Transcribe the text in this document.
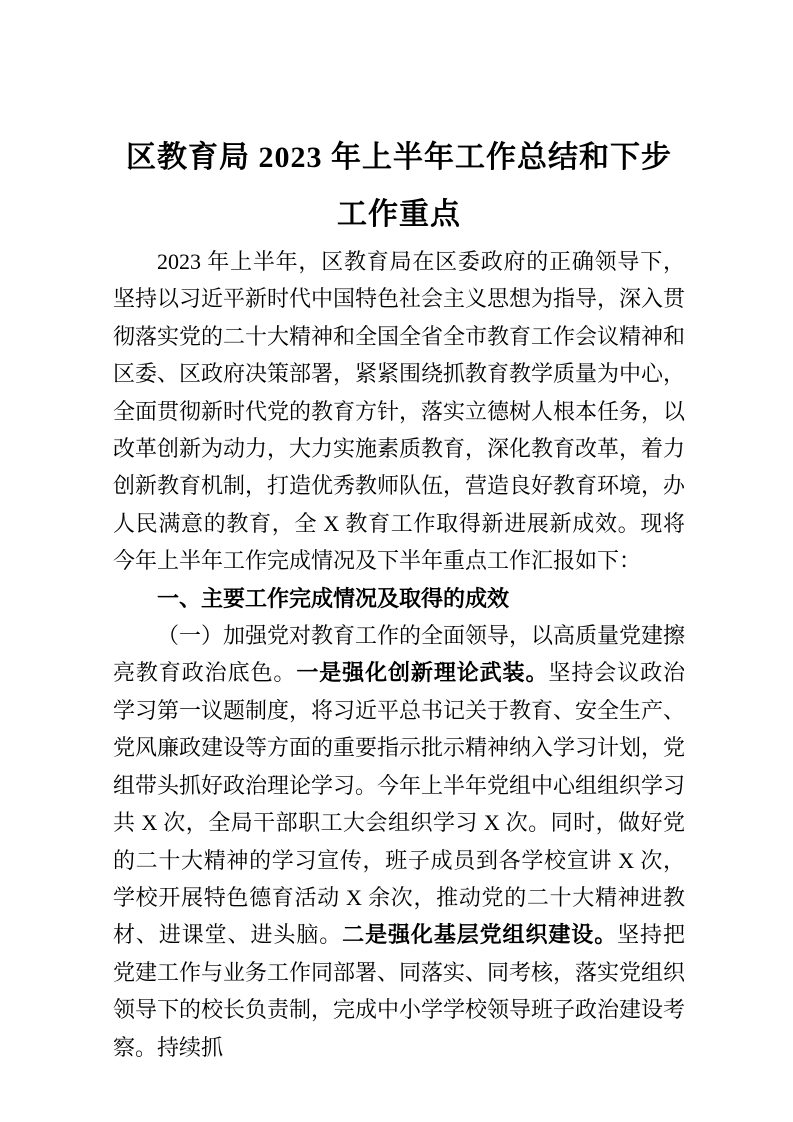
区教育局 2023 年上半年工作总结和下步工作重点

2023 年上半年，区教育局在区委政府的正确领导下，坚持以习近平新时代中国特色社会主义思想为指导，深入贯彻落实党的二十大精神和全国全省全市教育工作会议精神和区委、区政府决策部署，紧紧围绕抓教育教学质量为中心，全面贯彻新时代党的教育方针，落实立德树人根本任务，以改革创新为动力，大力实施素质教育，深化教育改革，着力创新教育机制，打造优秀教师队伍，营造良好教育环境，办人民满意的教育，全 X 教育工作取得新进展新成效。现将今年上半年工作完成情况及下半年重点工作汇报如下：

一、主要工作完成情况及取得的成效

（一）加强党对教育工作的全面领导，以高质量党建擦亮教育政治底色。一是强化创新理论武装。坚持会议政治学习第一议题制度，将习近平总书记关于教育、安全生产、党风廉政建设等方面的重要指示批示精神纳入学习计划，党组带头抓好政治理论学习。今年上半年党组中心组组织学习共 X 次，全局干部职工大会组织学习 X 次。同时，做好党的二十大精神的学习宣传，班子成员到各学校宣讲 X 次，学校开展特色德育活动 X 余次，推动党的二十大精神进教材、进课堂、进头脑。二是强化基层党组织建设。坚持把党建工作与业务工作同部署、同落实、同考核，落实党组织领导下的校长负责制，完成中小学学校领导班子政治建设考察。持续抓
